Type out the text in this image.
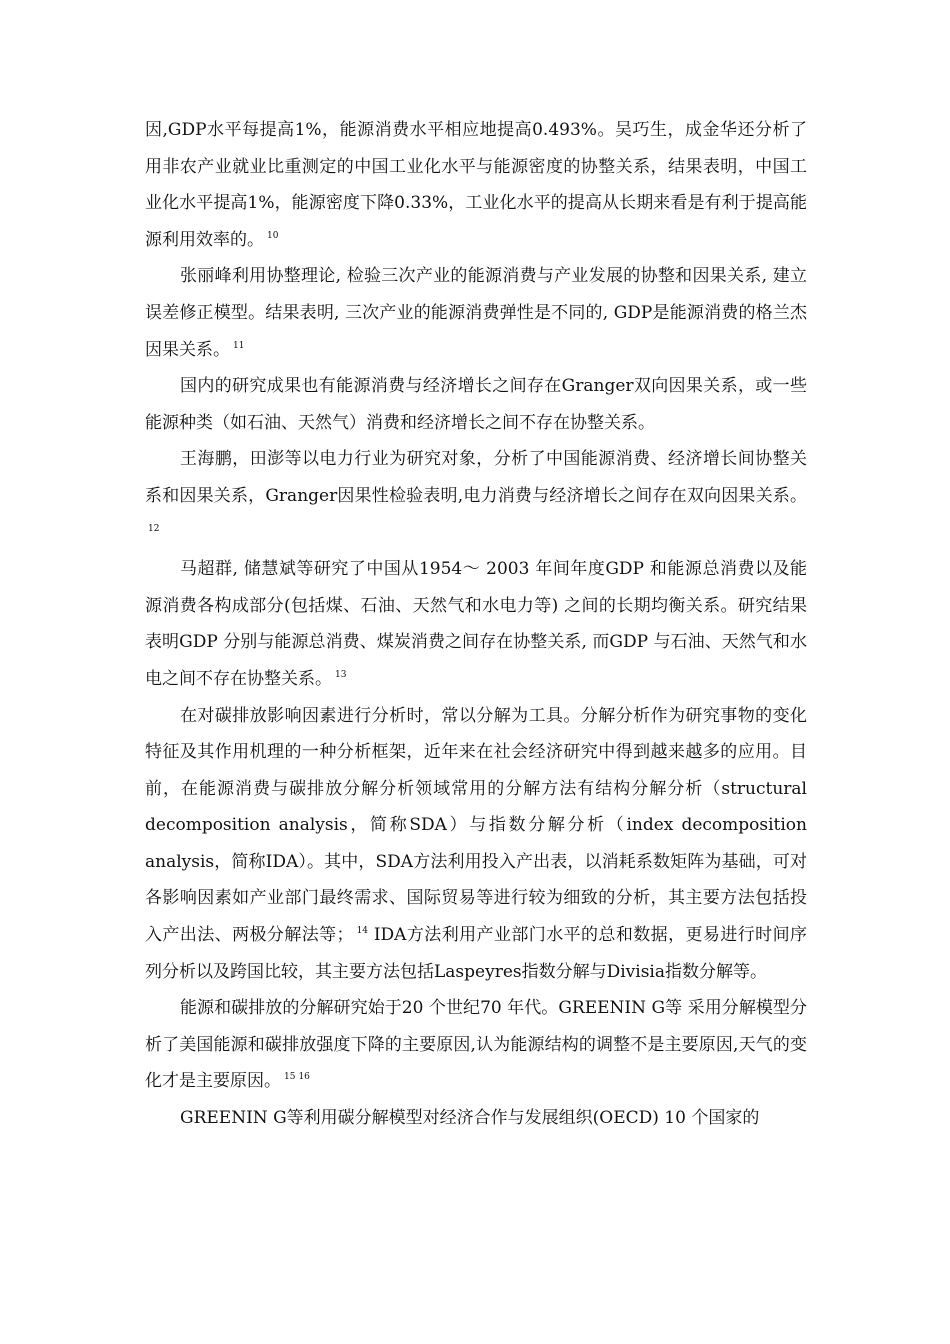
因,GDP水平每提高1%，能源消费水平相应地提高0.493%。吴巧生，成金华还分析了用非农产业就业比重测定的中国工业化水平与能源密度的协整关系，结果表明，中国工业化水平提高1%，能源密度下降0.33%，工业化水平的提高从长期来看是有利于提高能源利用效率的。 $^{10}$

张丽峰利用协整理论, 检验三次产业的能源消费与产业发展的协整和因果关系, 建立误差修正模型。结果表明, 三次产业的能源消费弹性是不同的, GDP是能源消费的格兰杰因果关系。 $^{11}$

国内的研究成果也有能源消费与经济增长之间存在Granger双向因果关系，或一些能源种类（如石油、天然气）消费和经济增长之间不存在协整关系。

王海鹏，田澎等以电力行业为研究对象，分析了中国能源消费、经济增长间协整关系和因果关系，Granger因果性检验表明,电力消费与经济增长之间存在双向因果关系。$^{12}$

马超群, 储慧斌等研究了中国从1954～ 2003 年间年度GDP 和能源总消费以及能源消费各构成部分(包括煤、石油、天然气和水电力等) 之间的长期均衡关系。研究结果表明GDP 分别与能源总消费、煤炭消费之间存在协整关系, 而GDP 与石油、天然气和水电之间不存在协整关系。 $^{13}$

在对碳排放影响因素进行分析时，常以分解为工具。分解分析作为研究事物的变化特征及其作用机理的一种分析框架，近年来在社会经济研究中得到越来越多的应用。目前，在能源消费与碳排放分解分析领域常用的分解方法有结构分解分析（structural decomposition analysis，简称SDA）与指数分解分析（index decomposition analysis，简称IDA）。其中，SDA方法利用投入产出表，以消耗系数矩阵为基础，可对各影响因素如产业部门最终需求、国际贸易等进行较为细致的分析，其主要方法包括投入产出法、两极分解法等； $^{14}$ IDA方法利用产业部门水平的总和数据，更易进行时间序列分析以及跨国比较，其主要方法包括Laspeyres指数分解与Divisia指数分解等。

能源和碳排放的分解研究始于20 个世纪70 年代。GREENIN G等 采用分解模型分析了美国能源和碳排放强度下降的主要原因,认为能源结构的调整不是主要原因,天气的变化才是主要原因。 $^{15}$ $^{16}$

GREENIN G等利用碳分解模型对经济合作与发展组织(OECD) 10 个国家的
